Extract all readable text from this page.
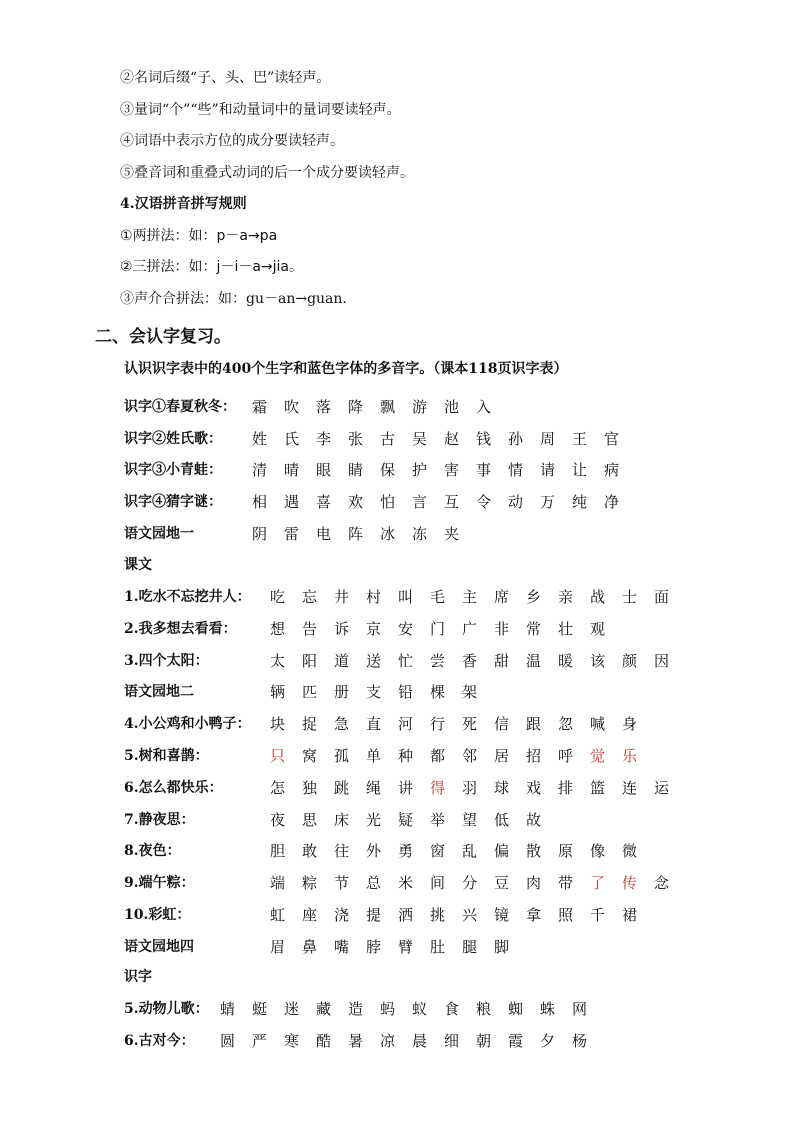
②名词后缀“子、头、巴”读轻声。
③量词“个”“些”和动量词中的量词要读轻声。
④词语中表示方位的成分要读轻声。
⑤叠音词和重叠式动词的后一个成分要读轻声。
4.汉语拼音拼写规则
①两拼法：如：p－a→pa
②三拼法：如：j－i－a→jia。
③声介合拼法：如：gu－an→guan.
二、会认字复习。
认识识字表中的400个生字和蓝色字体的多音字。（课本118页识字表）
识字①春夏秋冬： 霜 吹 落 降 飘 游 池 入
识字②姓氏歌： 姓 氏 李 张 古 吴 赵 钱 孙 周 王 官
识字③小青蛙： 清 晴 眼 睛 保 护 害 事 情 请 让 病
识字④猜字谜： 相 遇 喜 欢 怕 言 互 令 动 万 纯 净
语文园地一	阴 雷 电 阵 冰 冻 夹
课文
1.吃水不忘挖井人： 吃 忘 井 村 叫 毛 主 席 乡 亲 战 士 面
2.我多想去看看： 想 告 诉 京 安 门 广 非 常 壮 观
3.四个太阳：	太 阳 道 送 忙 尝 香 甜 温 暖 该 颜 因
语文园地二	辆 匹 册 支 铅 棵 架
4.小公鸡和小鸭子： 块 捉 急 直 河 行 死 信 跟 忽 喊 身
5.树和喜鹊：	只 窝 孤 单 种 都 邻 居 招 呼 觉 乐
6.怎么都快乐：	怎 独 跳 绳 讲 得 羽 球 戏 排 篮 连 运
7.静夜思：	夜 思 床 光 疑 举 望 低 故
8.夜色：	胆 敢 往 外 勇 窗 乱 偏 散 原 像 微
9.端午粽：	端 粽 节 总 米 间 分 豆 肉 带 了 传 念
10.彩虹：	虹 座 浇 提 洒 挑 兴 镜 拿 照 千 裙
语文园地四	眉 鼻 嘴 脖 臂 肚 腿 脚
识字
5.动物儿歌： 蜻 蜓 迷 藏 造 蚂 蚁 食 粮 蜘 蛛 网
6.古对今： 圆 严 寒 酷 暑 凉 晨 细 朝 霞 夕 杨
